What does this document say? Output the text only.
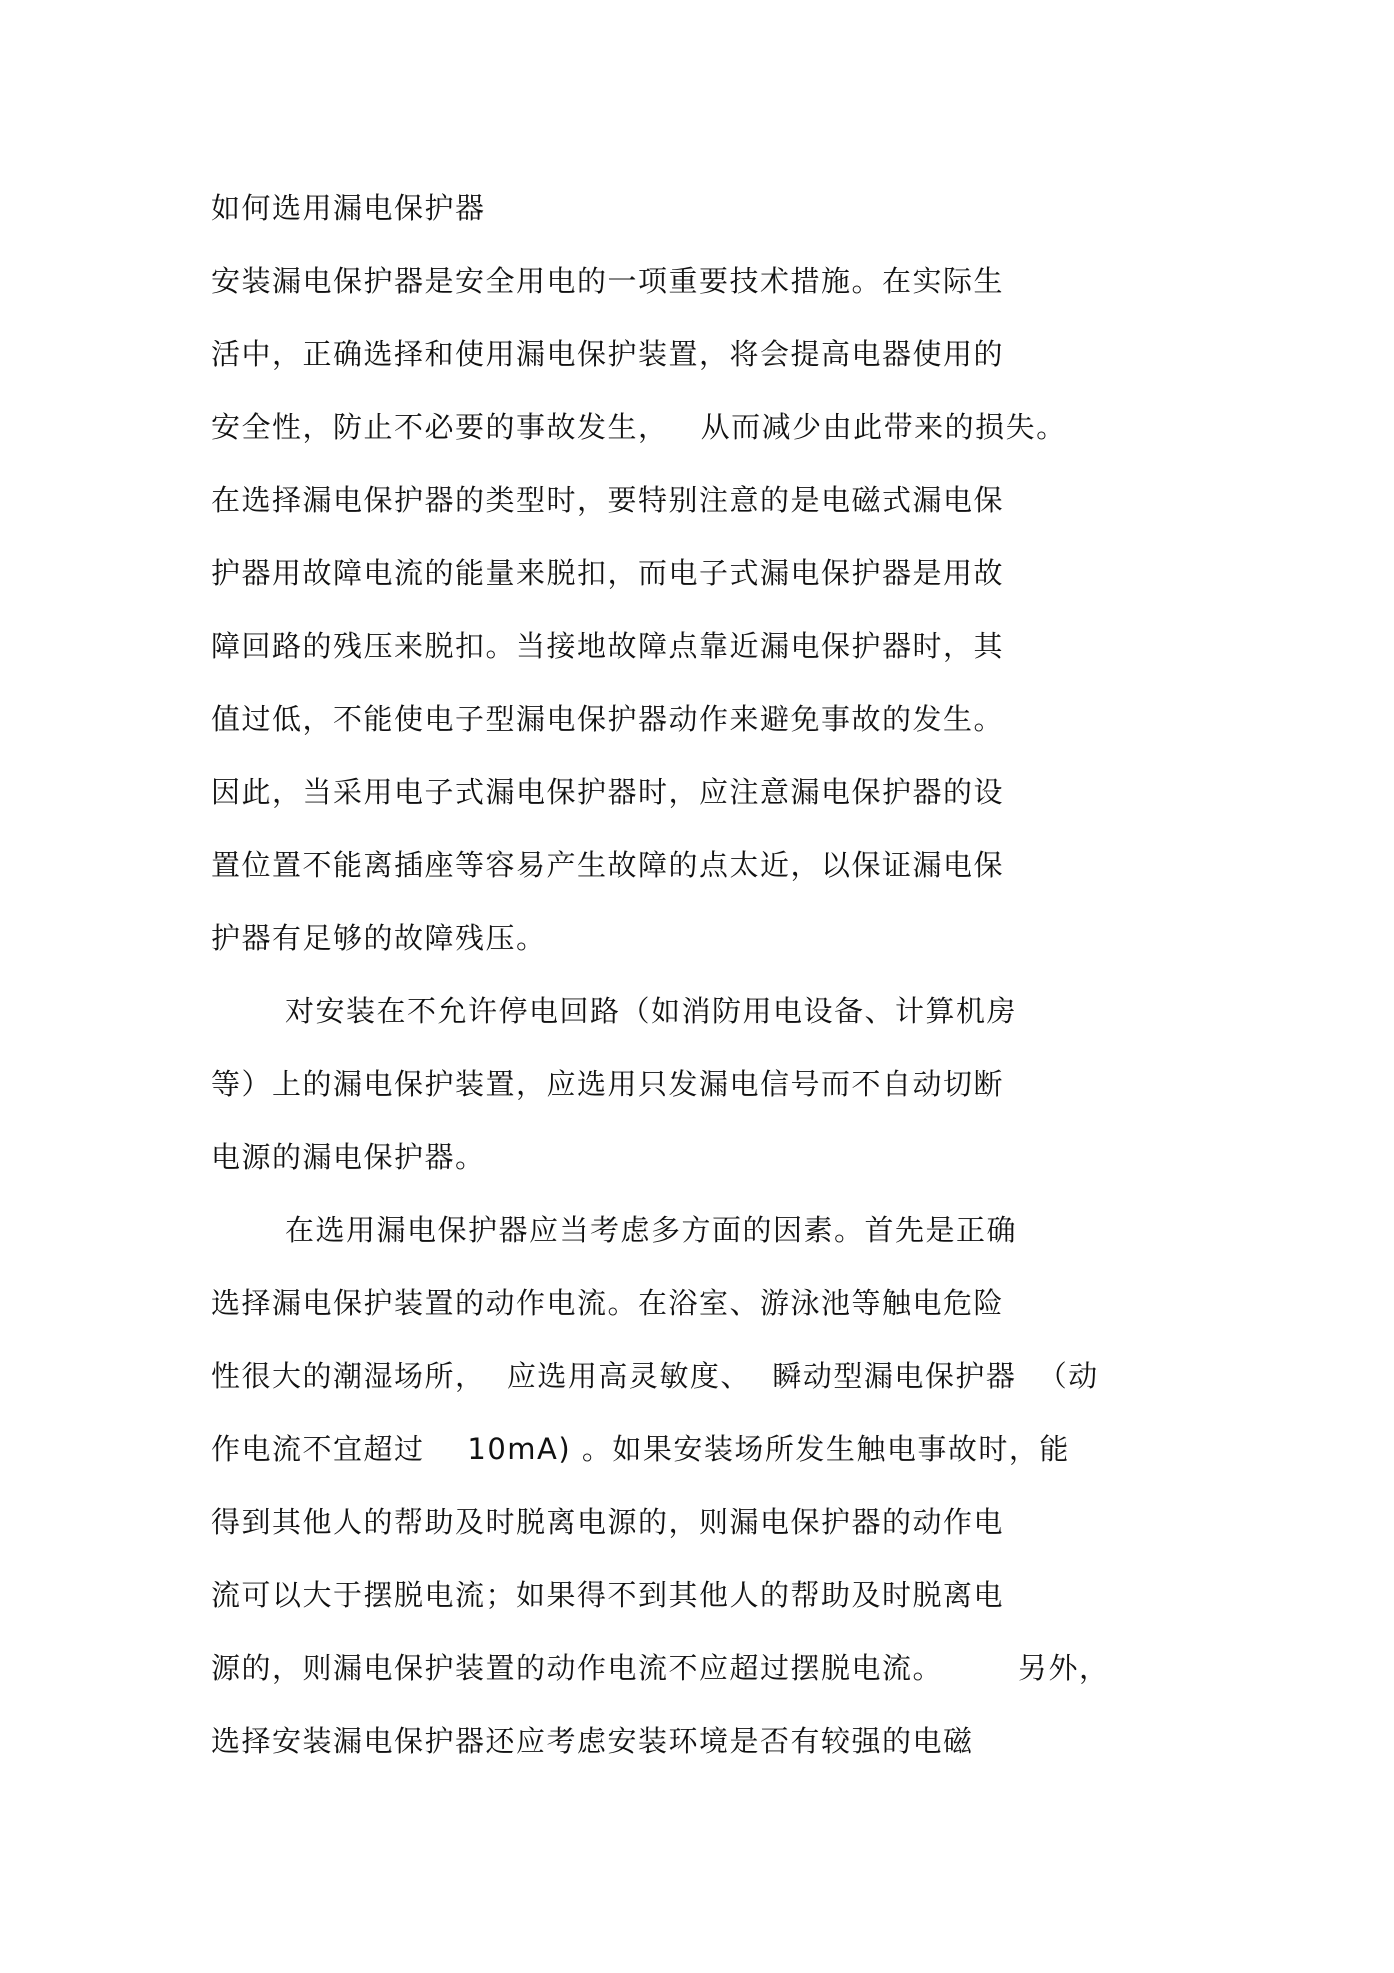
如何选用漏电保护器
安装漏电保护器是安全用电的一项重要技术措施。在实际生
活中，正确选择和使用漏电保护装置，将会提高电器使用的
安全性，防止不必要的事故发生，   从而减少由此带来的损失。
在选择漏电保护器的类型时，要特别注意的是电磁式漏电保
护器用故障电流的能量来脱扣，而电子式漏电保护器是用故
障回路的残压来脱扣。当接地故障点靠近漏电保护器时，其
值过低，不能使电子型漏电保护器动作来避免事故的发生。
因此，当采用电子式漏电保护器时，应注意漏电保护器的设
置位置不能离插座等容易产生故障的点太近，以保证漏电保
护器有足够的故障残压。
对安装在不允许停电回路（如消防用电设备、计算机房
等）上的漏电保护装置，应选用只发漏电信号而不自动切断
电源的漏电保护器。
在选用漏电保护器应当考虑多方面的因素。首先是正确
选择漏电保护装置的动作电流。在浴室、游泳池等触电危险
性很大的潮湿场所，  应选用高灵敏度、  瞬动型漏电保护器  （动
作电流不宜超过    10mA) 。如果安装场所发生触电事故时，能
得到其他人的帮助及时脱离电源的，则漏电保护器的动作电
流可以大于摆脱电流；如果得不到其他人的帮助及时脱离电
源的，则漏电保护装置的动作电流不应超过摆脱电流。       另外，
选择安装漏电保护器还应考虑安装环境是否有较强的电磁
